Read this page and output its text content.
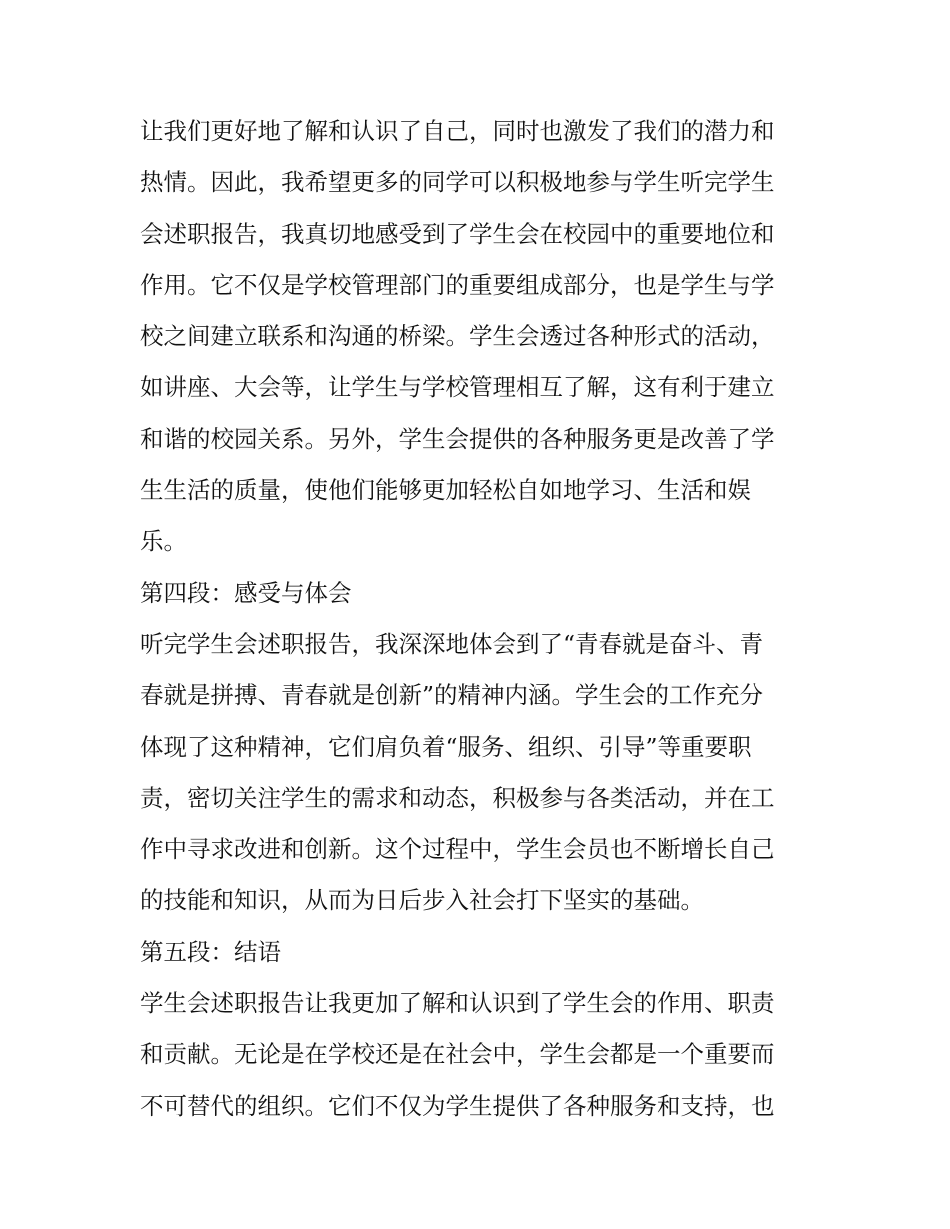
让我们更好地了解和认识了自己，同时也激发了我们的潜力和
热情。因此，我希望更多的同学可以积极地参与学生听完学生
会述职报告，我真切地感受到了学生会在校园中的重要地位和
作用。它不仅是学校管理部门的重要组成部分，也是学生与学
校之间建立联系和沟通的桥梁。学生会透过各种形式的活动，
如讲座、大会等，让学生与学校管理相互了解，这有利于建立
和谐的校园关系。另外，学生会提供的各种服务更是改善了学
生生活的质量，使他们能够更加轻松自如地学习、生活和娱
乐。
第四段：感受与体会
听完学生会述职报告，我深深地体会到了“青春就是奋斗、青
春就是拼搏、青春就是创新”的精神内涵。学生会的工作充分
体现了这种精神，它们肩负着“服务、组织、引导”等重要职
责，密切关注学生的需求和动态，积极参与各类活动，并在工
作中寻求改进和创新。这个过程中，学生会员也不断增长自己
的技能和知识，从而为日后步入社会打下坚实的基础。
第五段：结语
学生会述职报告让我更加了解和认识到了学生会的作用、职责
和贡献。无论是在学校还是在社会中，学生会都是一个重要而
不可替代的组织。它们不仅为学生提供了各种服务和支持，也
